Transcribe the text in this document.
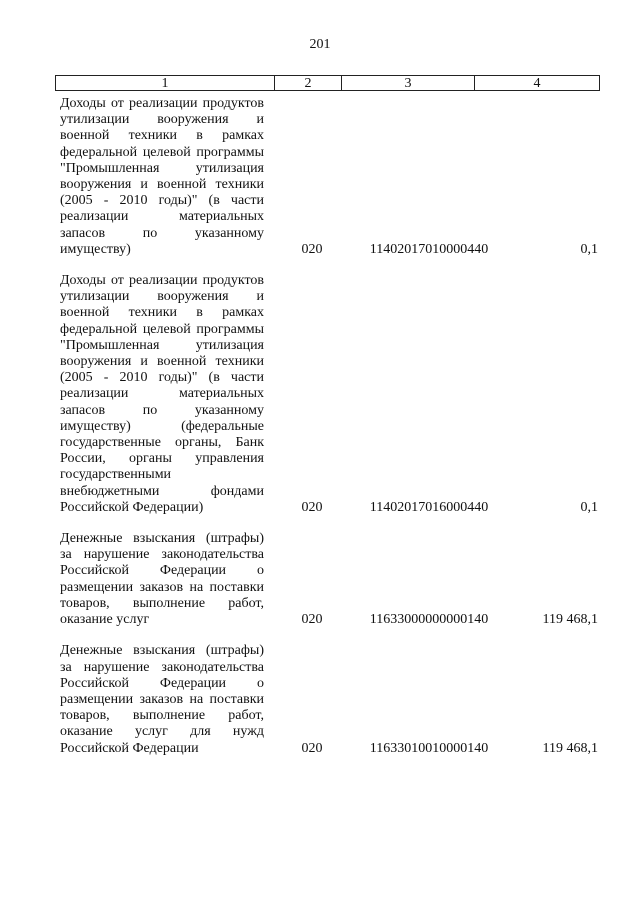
201
1	2	3	4

Доходы от реализации продуктов утилизации вооружения и военной техники в рамках федеральной целевой программы "Промышленная утилизация вооружения и военной техники (2005 - 2010 годы)" (в части реализации материальных запасов по указанному имуществу)	020	11402017010000440	0,1

Доходы от реализации продуктов утилизации вооружения и военной техники в рамках федеральной целевой программы "Промышленная утилизация вооружения и военной техники (2005 - 2010 годы)" (в части реализации материальных запасов по указанному имуществу) (федеральные государственные органы, Банк России, органы управления государственными внебюджетными фондами Российской Федерации)	020	11402017016000440	0,1

Денежные взыскания (штрафы) за нарушение законодательства Российской Федерации о размещении заказов на поставки товаров, выполнение работ, оказание услуг	020	11633000000000140	119 468,1

Денежные взыскания (штрафы) за нарушение законодательства Российской Федерации о размещении заказов на поставки товаров, выполнение работ, оказание услуг для нужд Российской Федерации	020	11633010010000140	119 468,1
